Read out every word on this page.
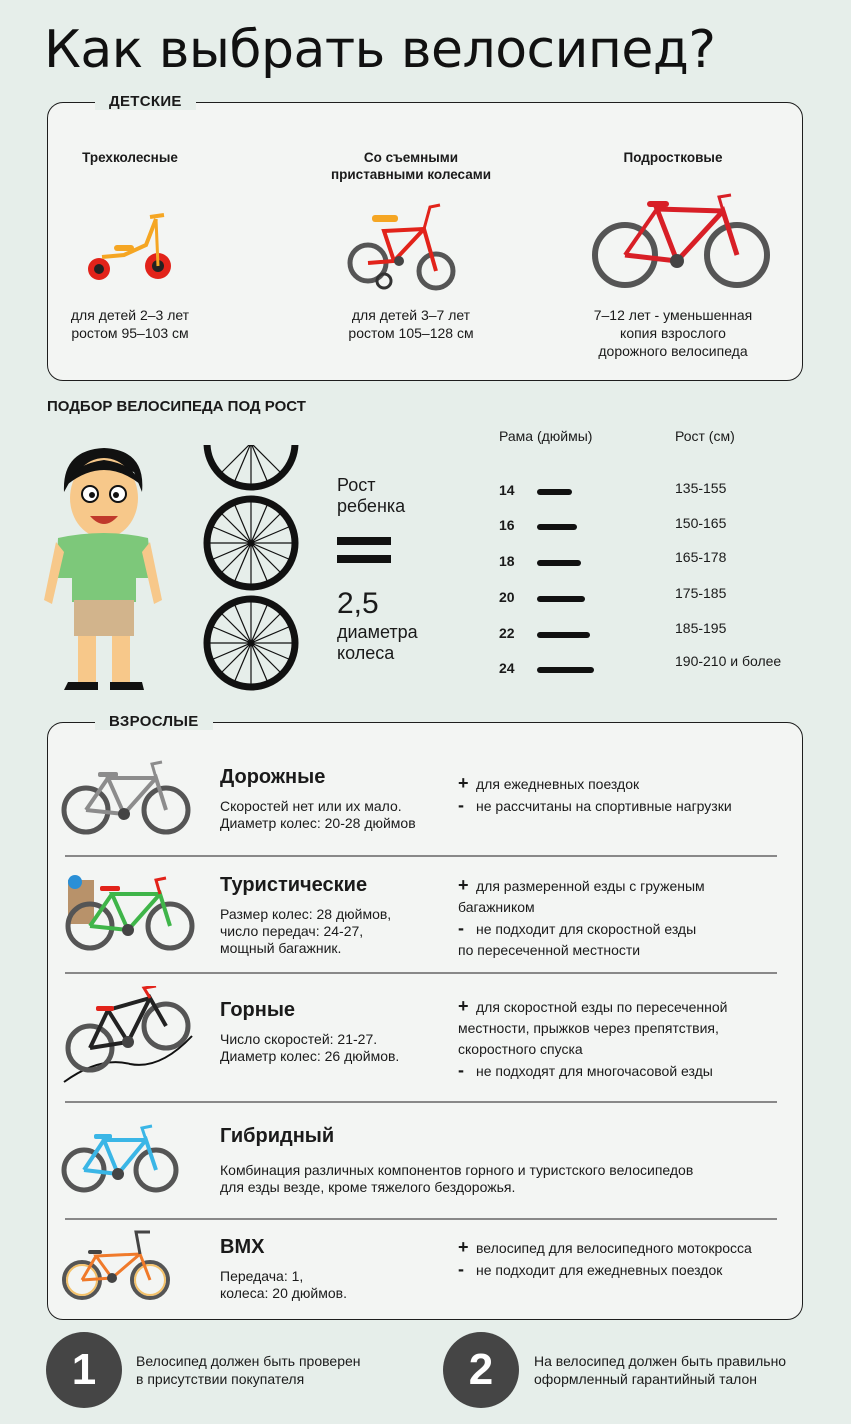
Как выбрать велосипед?
ДЕТСКИЕ
Трехколесные
для детей 2–3 лет
ростом 95–103 см
Со съемными
приставными колесами
для детей 3–7 лет
ростом 105–128 см
Подростковые
7–12 лет - уменьшенная
копия взрослого
дорожного велосипеда
ПОДБОР ВЕЛОСИПЕДА ПОД РОСТ
Рост
ребенка
2,5
диаметра
колеса
Рама (дюймы)	Рост (см)
14	135-155
16	150-165
18	165-178
20	175-185
22	185-195
24	190-210 и более
ВЗРОСЛЫЕ
Дорожные
Скоростей нет или их мало.
Диаметр колес: 20-28 дюймов
+ для ежедневных поездок
- не рассчитаны на спортивные нагрузки
Туристические
Размер колес: 28 дюймов,
число передач: 24-27,
мощный багажник.
+ для размеренной езды с груженым
багажником
- не подходит для скоростной езды
по пересеченной местности
Горные
Число скоростей: 21-27.
Диаметр колес: 26 дюймов.
+ для скоростной езды по пересеченной
местности, прыжков через препятствия,
скоростного спуска
- не подходят для многочасовой езды
Гибридный
Комбинация различных компонентов горного и туристского велосипедов
для езды везде, кроме тяжелого бездорожья.
BMX
Передача: 1,
колеса: 20 дюймов.
+ велосипед для велосипедного мотокросса
- не подходит для ежедневных поездок
1	Велосипед должен быть проверен
в присутствии покупателя	2	На велосипед должен быть правильно
оформленный гарантийный талон
